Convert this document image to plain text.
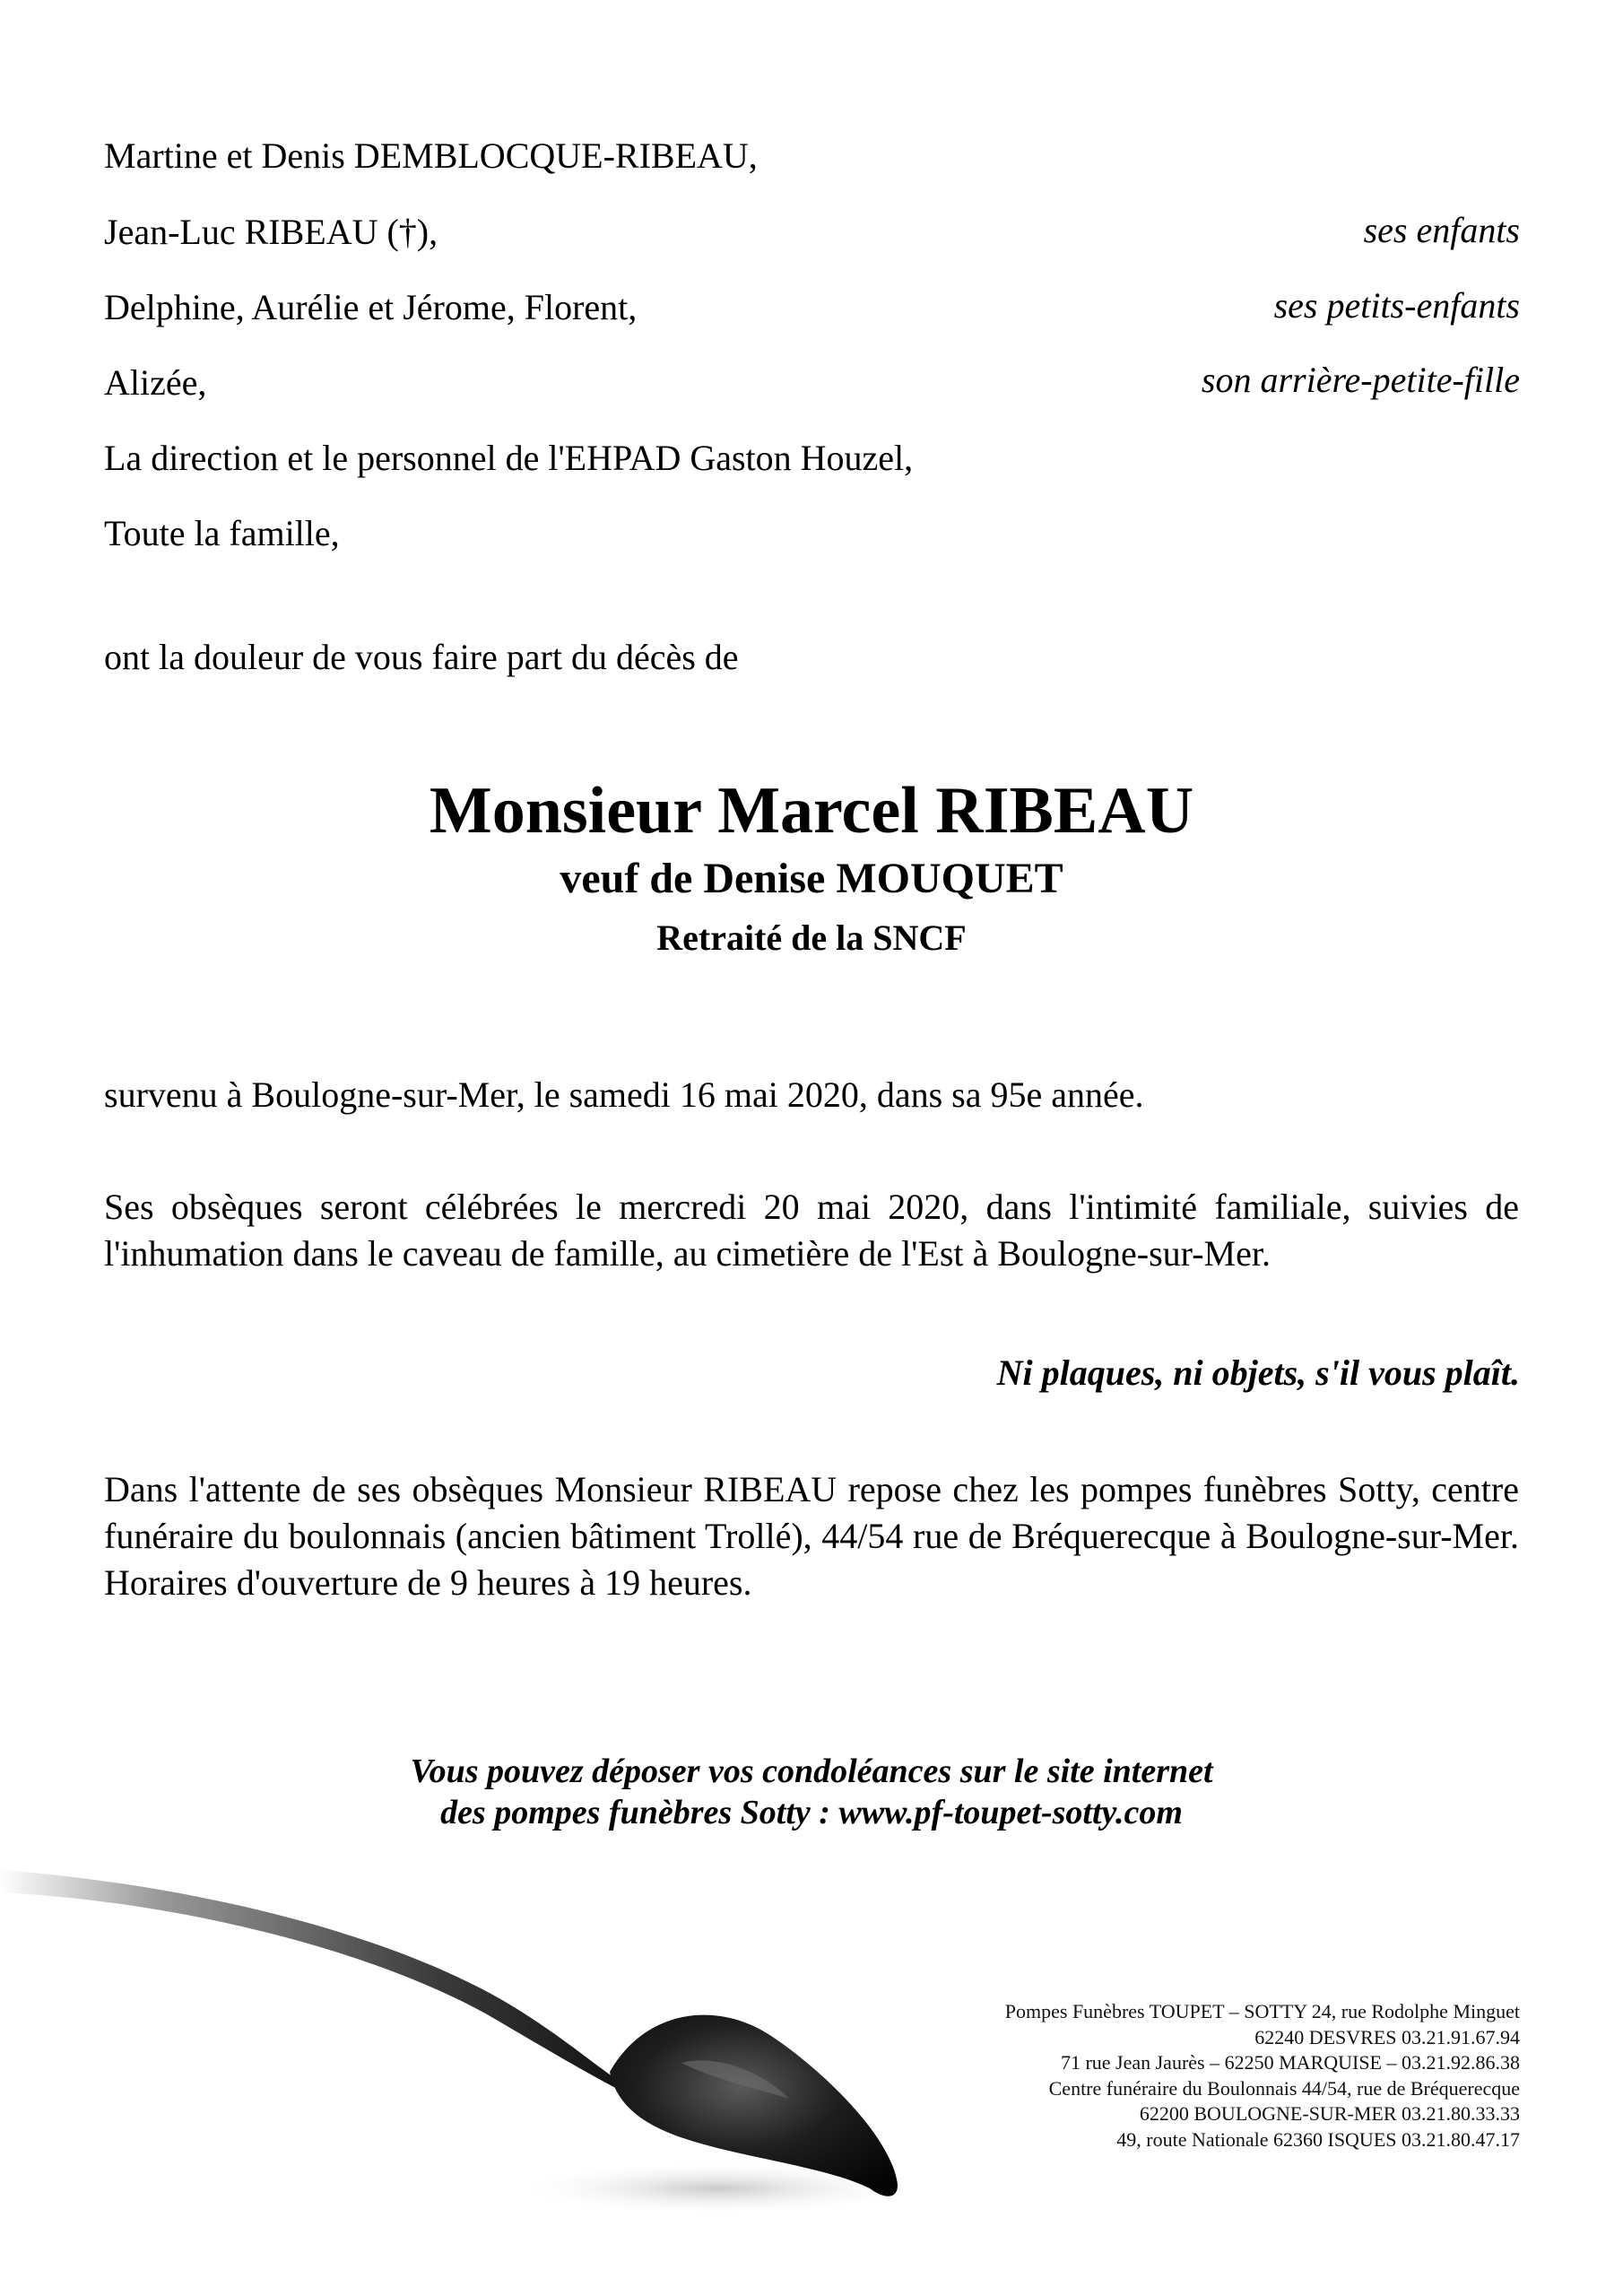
Martine et Denis DEMBLOCQUE-RIBEAU,
Jean-Luc RIBEAU (†),	ses enfants
Delphine, Aurélie et Jérome, Florent,	ses petits-enfants
Alizée,	son arrière-petite-fille
La direction et le personnel de l'EHPAD Gaston Houzel,
Toute la famille,
ont la douleur de vous faire part du décès de
Monsieur Marcel RIBEAU
veuf de Denise MOUQUET
Retraité de la SNCF
survenu à Boulogne-sur-Mer, le samedi 16 mai 2020, dans sa 95e année.
Ses obsèques seront célébrées le mercredi 20 mai 2020, dans l'intimité familiale, suivies de l'inhumation dans le caveau de famille, au cimetière de l'Est à Boulogne-sur-Mer.
Ni plaques, ni objets, s'il vous plaît.
Dans l'attente de ses obsèques Monsieur RIBEAU repose chez les pompes funèbres Sotty, centre funéraire du boulonnais (ancien bâtiment Trollé), 44/54 rue de Bréquerecque à Boulogne-sur-Mer. Horaires d'ouverture de 9 heures à 19 heures.
Vous pouvez déposer vos condoléances sur le site internet
des pompes funèbres Sotty : www.pf-toupet-sotty.com
Pompes Funèbres TOUPET – SOTTY 24, rue Rodolphe Minguet
62240 DESVRES 03.21.91.67.94
71 rue Jean Jaurès – 62250 MARQUISE – 03.21.92.86.38
Centre funéraire du Boulonnais 44/54, rue de Bréquerecque
62200 BOULOGNE-SUR-MER 03.21.80.33.33
49, route Nationale 62360 ISQUES 03.21.80.47.17
